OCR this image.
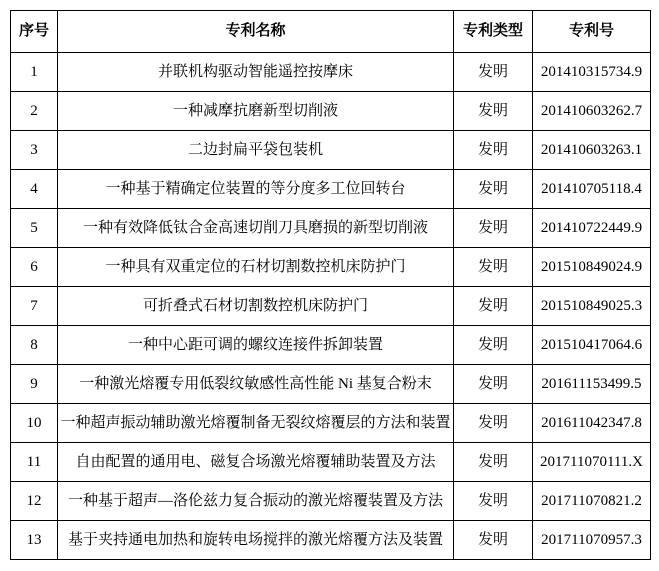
序号	专利名称	专利类型	专利号
1	并联机构驱动智能遥控按摩床	发明	201410315734.9
2	一种减摩抗磨新型切削液	发明	201410603262.7
3	二边封扁平袋包装机	发明	201410603263.1
4	一种基于精确定位装置的等分度多工位回转台	发明	201410705118.4
5	一种有效降低钛合金高速切削刀具磨损的新型切削液	发明	201410722449.9
6	一种具有双重定位的石材切割数控机床防护门	发明	201510849024.9
7	可折叠式石材切割数控机床防护门	发明	201510849025.3
8	一种中心距可调的螺纹连接件拆卸装置	发明	201510417064.6
9	一种激光熔覆专用低裂纹敏感性高性能 Ni 基复合粉末	发明	201611153499.5
10	一种超声振动辅助激光熔覆制备无裂纹熔覆层的方法和装置	发明	201611042347.8
11	自由配置的通用电、磁复合场激光熔覆辅助装置及方法	发明	201711070111.X
12	一种基于超声—洛伦兹力复合振动的激光熔覆装置及方法	发明	201711070821.2
13	基于夹持通电加热和旋转电场搅拌的激光熔覆方法及装置	发明	201711070957.3
